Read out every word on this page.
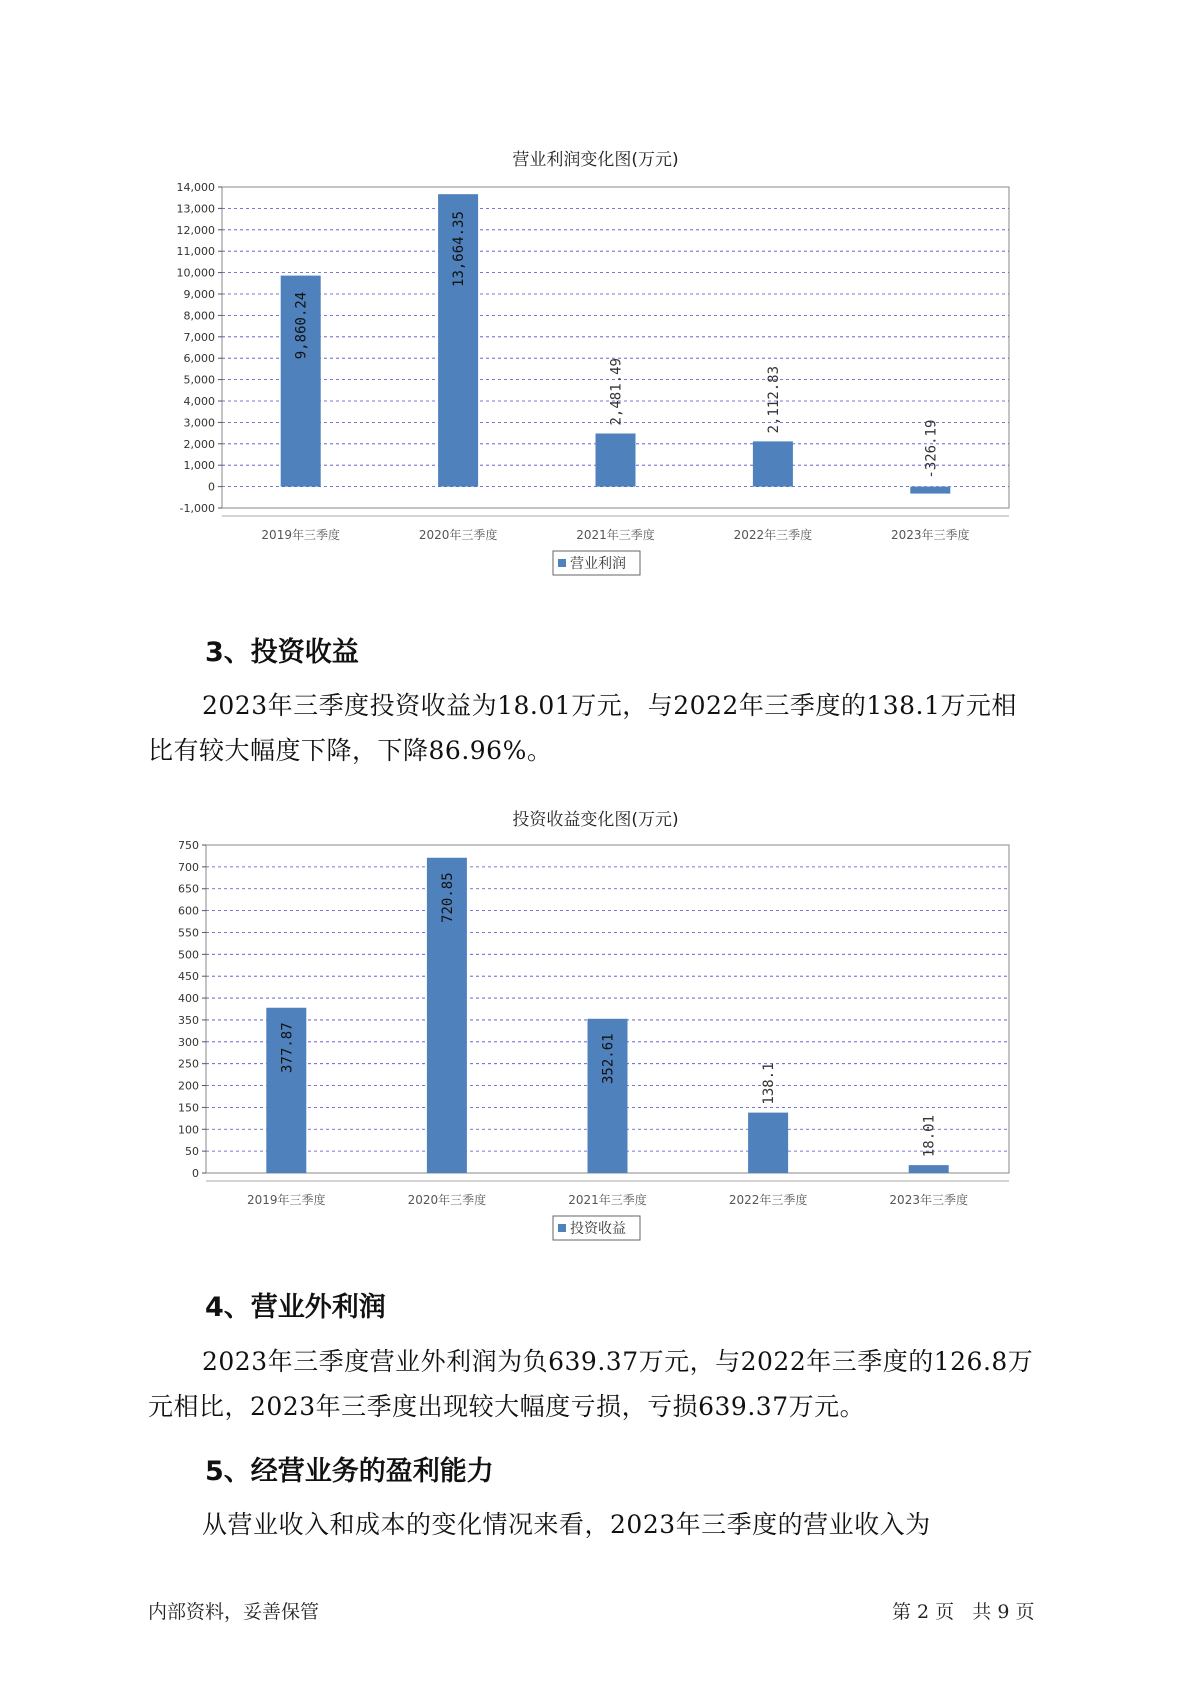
营业利润变化图(万元)
-1,000
0
1,000
2,000
3,000
4,000
5,000
6,000
7,000
8,000
9,000
10,000
11,000
12,000
13,000
14,000
2019年三季度
9,860.24
2020年三季度
13,664.35
2021年三季度
2,481.49
2022年三季度
2,112.83
2023年三季度
-326.19
营业利润
3、投资收益
2023年三季度投资收益为18.01万元，与2022年三季度的138.1万元相
比有较大幅度下降，下降86.96%。
投资收益变化图(万元)
0
50
100
150
200
250
300
350
400
450
500
550
600
650
700
750
2019年三季度
377.87
2020年三季度
720.85
2021年三季度
352.61
2022年三季度
138.1
2023年三季度
18.01
投资收益
4、营业外利润
2023年三季度营业外利润为负639.37万元，与2022年三季度的126.8万
元相比，2023年三季度出现较大幅度亏损，亏损639.37万元。
5、经营业务的盈利能力
从营业收入和成本的变化情况来看，2023年三季度的营业收入为
内部资料，妥善保管	第 2 页   共 9 页
